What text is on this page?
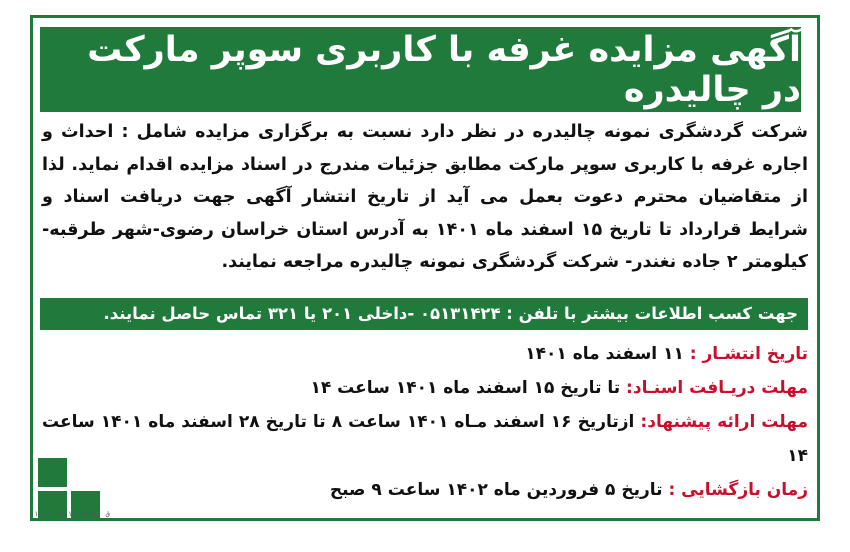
آگهی مزایده غرفه با کاربری سوپر مارکت در چالیدره
شرکت گردشگری نمونه چالیدره در نظر دارد نسبت به برگزاری مزایده شامل : احداث و اجاره غرفه با کاربری سوپر مارکت مطابق جزئیات مندرج در اسناد مزایده اقدام نماید. لذا از متقاضیان محترم دعوت بعمل می آید از تاریخ انتشار آگهی جهت دریافت اسناد و شرایط قرارداد تا تاریخ ۱۵ اسفند ماه ۱۴۰۱ به آدرس استان خراسان رضوی-شهر طرقبه-کیلومتر ۲ جاده نغندر- شرکت گردشگری نمونه چالیدره مراجعه نمایند.
جهت کسب اطلاعات بیشتر با تلفن : ۰۵۱۳۱۴۲۴ -داخلی ۲۰۱ یا ۳۲۱ تماس حاصل نمایند.
تاریخ انتشـار : ۱۱ اسفند ماه ۱۴۰۱
مهلت دریـافت اسنـاد: تا تاریخ ۱۵ اسفند ماه ۱۴۰۱ ساعت ۱۴
مهلت ارائه پیشنهاد: ازتاریخ ۱۶ اسفند مـاه ۱۴۰۱ ساعت ۸ تا تاریخ ۲۸ اسفند ماه ۱۴۰۱ ساعت ۱۴
زمان بازگشایی : تاریخ ۵ فروردین ماه ۱۴۰۲ ساعت ۹ صبح
۱۴۰۱-۱۲-۱۴ ۱۷:۴۰ ق
